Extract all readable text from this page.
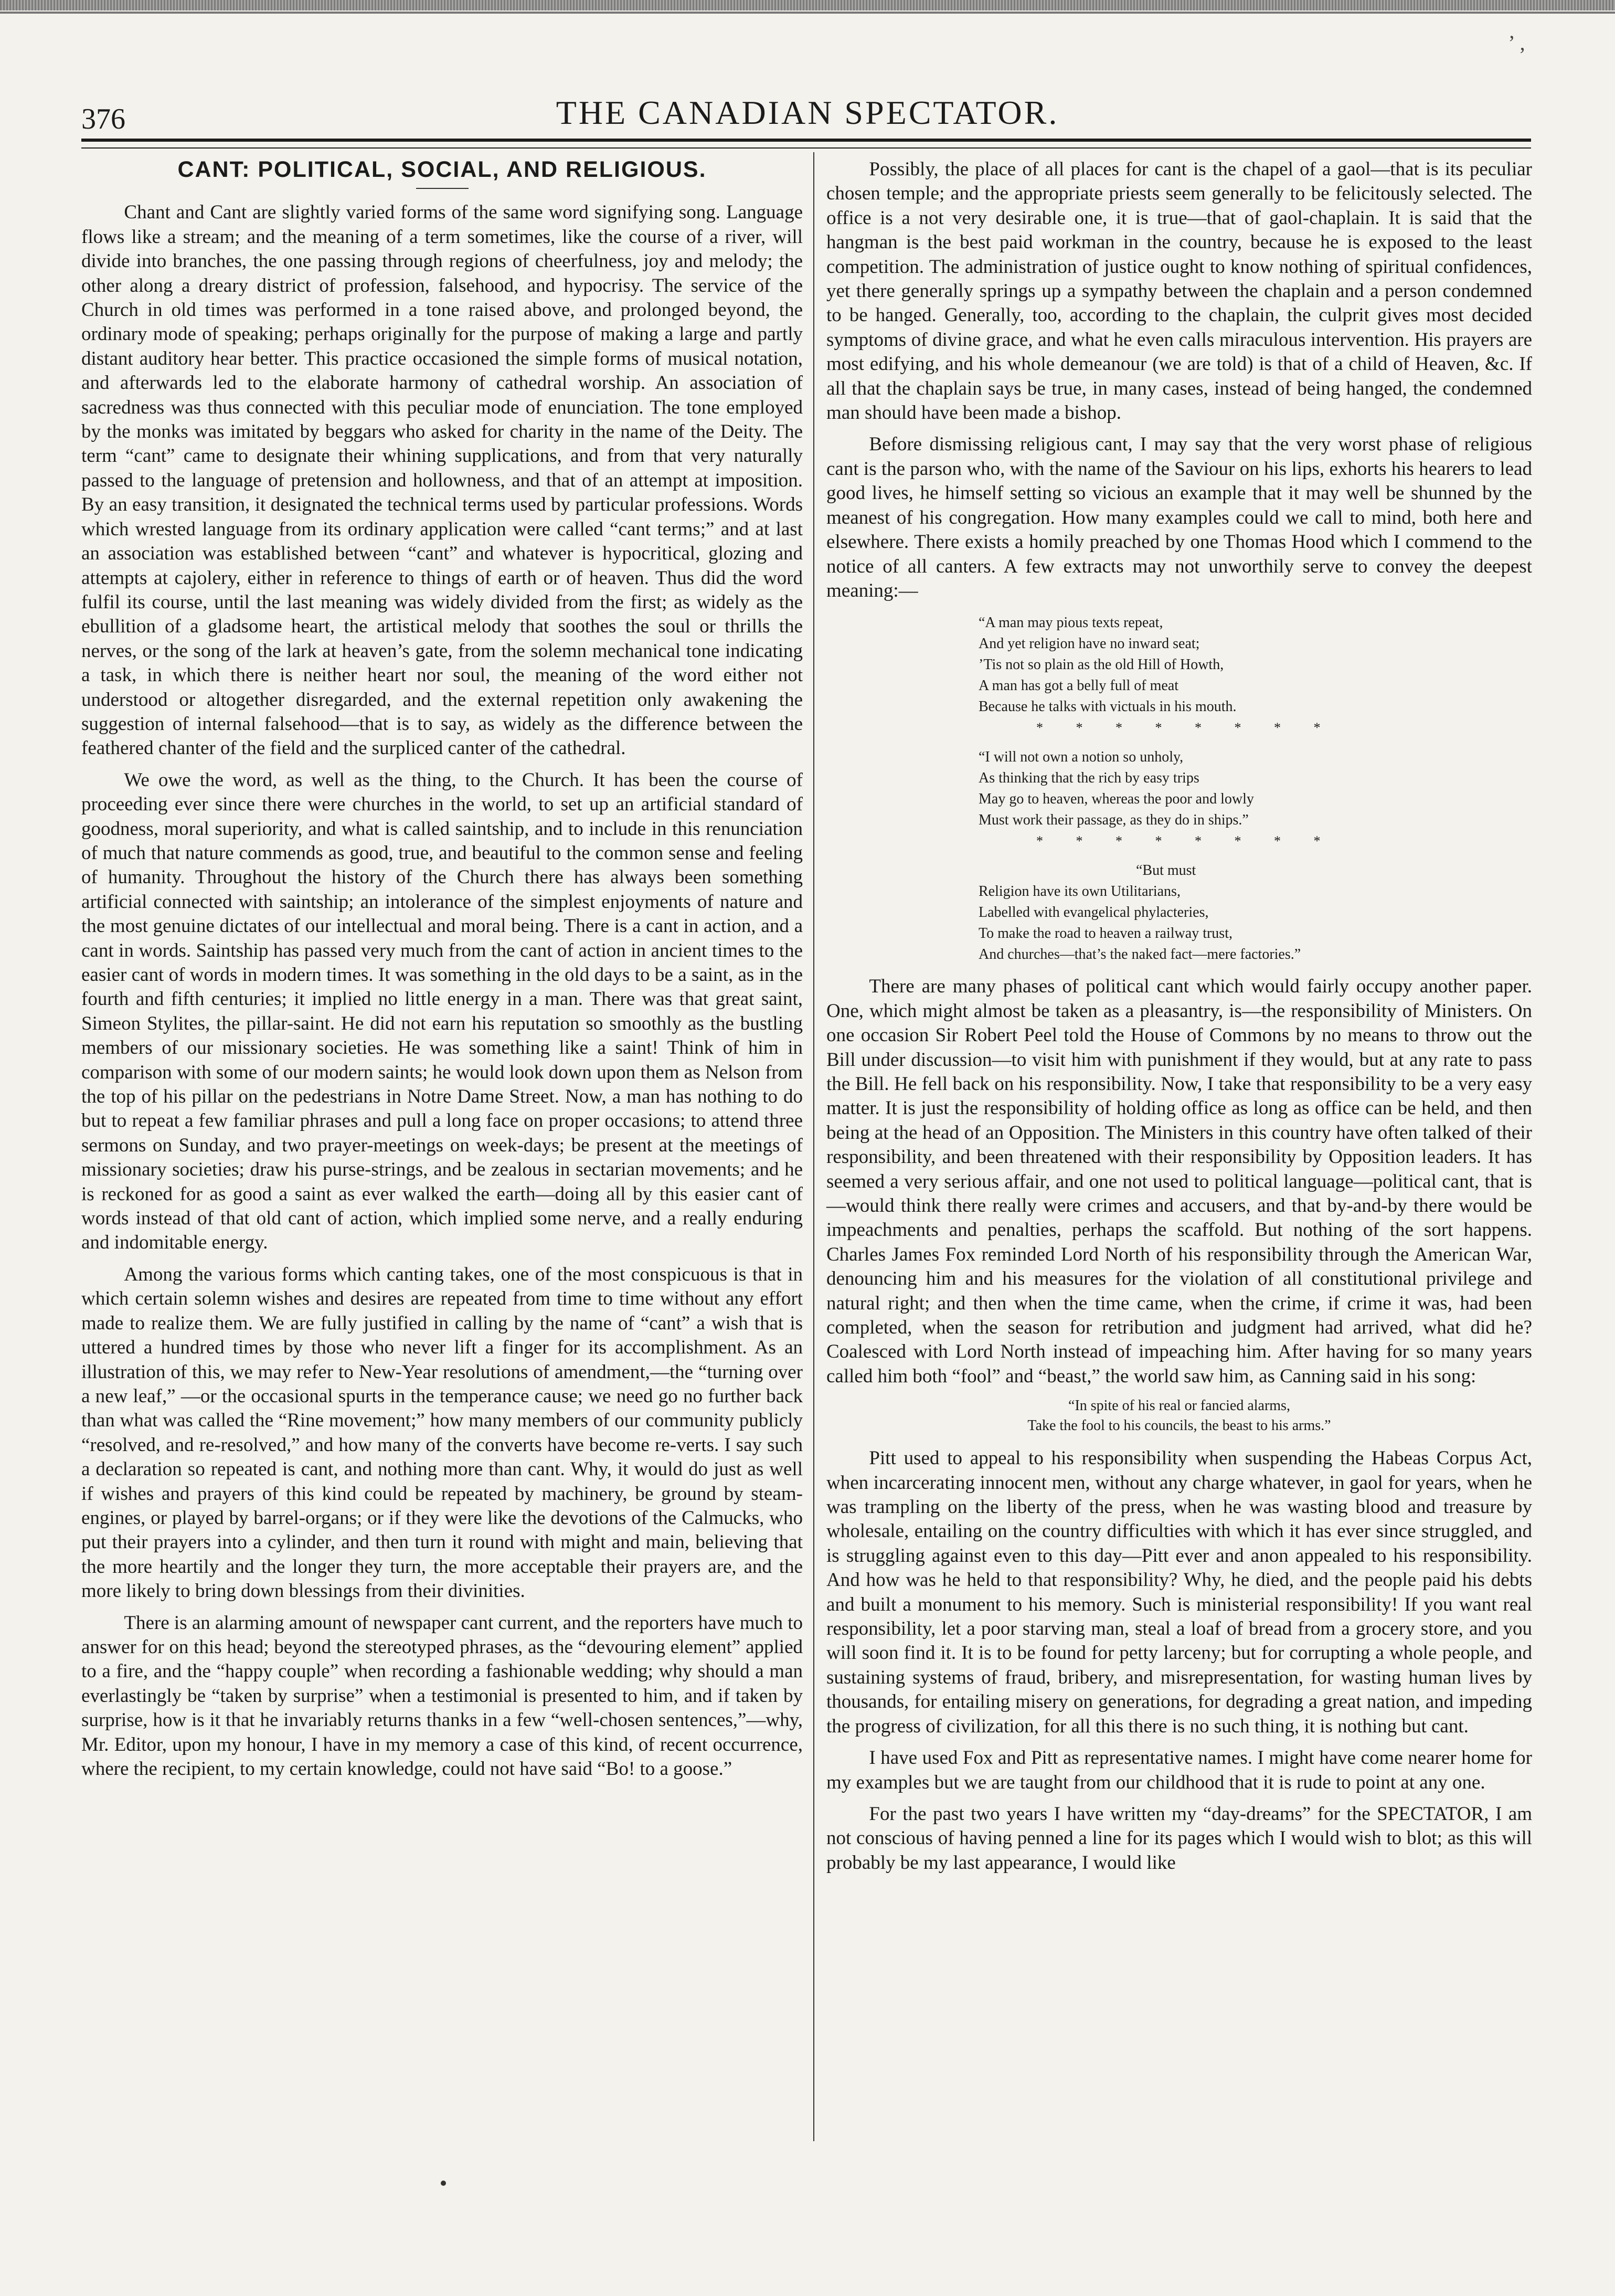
’ ‚
376	THE CANADIAN SPECTATOR.
CANT: POLITICAL, SOCIAL, AND RELIGIOUS.

Chant and Cant are slightly varied forms of the same word signifying song. Language flows like a stream; and the meaning of a term sometimes, like the course of a river, will divide into branches, the one passing through regions of cheerfulness, joy and melody; the other along a dreary district of profession, falsehood, and hypocrisy. The service of the Church in old times was performed in a tone raised above, and prolonged beyond, the ordinary mode of speaking; perhaps originally for the purpose of making a large and partly distant auditory hear better. This practice occasioned the simple forms of musical notation, and afterwards led to the elaborate harmony of cathedral worship. An association of sacredness was thus connected with this peculiar mode of enunciation. The tone employed by the monks was imitated by beggars who asked for charity in the name of the Deity. The term “cant” came to designate their whining supplications, and from that very naturally passed to the language of pretension and hollowness, and that of an attempt at imposition. By an easy transition, it designated the technical terms used by particular professions. Words which wrested language from its ordinary application were called “cant terms;” and at last an association was established between “cant” and whatever is hypocritical, glozing and attempts at cajolery, either in reference to things of earth or of heaven. Thus did the word fulfil its course, until the last meaning was widely divided from the first; as widely as the ebullition of a gladsome heart, the artistical melody that soothes the soul or thrills the nerves, or the song of the lark at heaven’s gate, from the solemn mechanical tone indicating a task, in which there is neither heart nor soul, the meaning of the word either not understood or altogether disregarded, and the external repetition only awakening the suggestion of internal falsehood—that is to say, as widely as the difference between the feathered chanter of the field and the surpliced canter of the cathedral.

We owe the word, as well as the thing, to the Church. It has been the course of proceeding ever since there were churches in the world, to set up an artificial standard of goodness, moral superiority, and what is called saintship, and to include in this renunciation of much that nature commends as good, true, and beautiful to the common sense and feeling of humanity. Throughout the history of the Church there has always been something artificial connected with saintship; an intolerance of the simplest enjoyments of nature and the most genuine dictates of our intellectual and moral being. There is a cant in action, and a cant in words. Saintship has passed very much from the cant of action in ancient times to the easier cant of words in modern times. It was something in the old days to be a saint, as in the fourth and fifth centuries; it implied no little energy in a man. There was that great saint, Simeon Stylites, the pillar-saint. He did not earn his reputation so smoothly as the bustling members of our missionary societies. He was something like a saint! Think of him in comparison with some of our modern saints; he would look down upon them as Nelson from the top of his pillar on the pedestrians in Notre Dame Street. Now, a man has nothing to do but to repeat a few familiar phrases and pull a long face on proper occasions; to attend three sermons on Sunday, and two prayer-meetings on week-days; be present at the meetings of missionary societies; draw his purse-strings, and be zealous in sectarian movements; and he is reckoned for as good a saint as ever walked the earth—doing all by this easier cant of words instead of that old cant of action, which implied some nerve, and a really enduring and indomitable energy.

Among the various forms which canting takes, one of the most conspicuous is that in which certain solemn wishes and desires are repeated from time to time without any effort made to realize them. We are fully justified in calling by the name of “cant” a wish that is uttered a hundred times by those who never lift a finger for its accomplishment. As an illustration of this, we may refer to New-Year resolutions of amendment,—the “turning over a new leaf,” —or the occasional spurts in the temperance cause; we need go no further back than what was called the “Rine movement;” how many members of our community publicly “resolved, and re-resolved,” and how many of the converts have become re-verts. I say such a declaration so repeated is cant, and nothing more than cant. Why, it would do just as well if wishes and prayers of this kind could be repeated by machinery, be ground by steam-engines, or played by barrel-organs; or if they were like the devotions of the Calmucks, who put their prayers into a cylinder, and then turn it round with might and main, believing that the more heartily and the longer they turn, the more acceptable their prayers are, and the more likely to bring down blessings from their divinities.

There is an alarming amount of newspaper cant current, and the reporters have much to answer for on this head; beyond the stereotyped phrases, as the “devouring element” applied to a fire, and the “happy couple” when recording a fashionable wedding; why should a man everlastingly be “taken by surprise” when a testimonial is presented to him, and if taken by surprise, how is it that he invariably returns thanks in a few “well-chosen sentences,”—why, Mr. Editor, upon my honour, I have in my memory a case of this kind, of recent occurrence, where the recipient, to my certain knowledge, could not have said “Bo! to a goose.”

Possibly, the place of all places for cant is the chapel of a gaol—that is its peculiar chosen temple; and the appropriate priests seem generally to be felicitously selected. The office is a not very desirable one, it is true—that of gaol-chaplain. It is said that the hangman is the best paid workman in the country, because he is exposed to the least competition. The administration of justice ought to know nothing of spiritual confidences, yet there generally springs up a sympathy between the chaplain and a person condemned to be hanged. Generally, too, according to the chaplain, the culprit gives most decided symptoms of divine grace, and what he even calls miraculous intervention. His prayers are most edifying, and his whole demeanour (we are told) is that of a child of Heaven, &c. If all that the chaplain says be true, in many cases, instead of being hanged, the condemned man should have been made a bishop.

Before dismissing religious cant, I may say that the very worst phase of religious cant is the parson who, with the name of the Saviour on his lips, exhorts his hearers to lead good lives, he himself setting so vicious an example that it may well be shunned by the meanest of his congregation. How many examples could we call to mind, both here and elsewhere. There exists a homily preached by one Thomas Hood which I commend to the notice of all canters. A few extracts may not unworthily serve to convey the deepest meaning:—

“A man may pious texts repeat,
And yet religion have no inward seat;
’Tis not so plain as the old Hill of Howth,
A man has got a belly full of meat
Because he talks with victuals in his mouth.
* * * * * * * *
“I will not own a notion so unholy,
As thinking that the rich by easy trips
May go to heaven, whereas the poor and lowly
Must work their passage, as they do in ships.”
* * * * * * * *
“But must
Religion have its own Utilitarians,
Labelled with evangelical phylacteries,
To make the road to heaven a railway trust,
And churches—that’s the naked fact—mere factories.”

There are many phases of political cant which would fairly occupy another paper. One, which might almost be taken as a pleasantry, is—the responsibility of Ministers. On one occasion Sir Robert Peel told the House of Commons by no means to throw out the Bill under discussion—to visit him with punishment if they would, but at any rate to pass the Bill. He fell back on his responsibility. Now, I take that responsibility to be a very easy matter. It is just the responsibility of holding office as long as office can be held, and then being at the head of an Opposition. The Ministers in this country have often talked of their responsibility, and been threatened with their responsibility by Opposition leaders. It has seemed a very serious affair, and one not used to political language—political cant, that is—would think there really were crimes and accusers, and that by-and-by there would be impeachments and penalties, perhaps the scaffold. But nothing of the sort happens. Charles James Fox reminded Lord North of his responsibility through the American War, denouncing him and his measures for the violation of all constitutional privilege and natural right; and then when the time came, when the crime, if crime it was, had been completed, when the season for retribution and judgment had arrived, what did he? Coalesced with Lord North instead of impeaching him. After having for so many years called him both “fool” and “beast,” the world saw him, as Canning said in his song:

“In spite of his real or fancied alarms,
Take the fool to his councils, the beast to his arms.”

Pitt used to appeal to his responsibility when suspending the Habeas Corpus Act, when incarcerating innocent men, without any charge whatever, in gaol for years, when he was trampling on the liberty of the press, when he was wasting blood and treasure by wholesale, entailing on the country difficulties with which it has ever since struggled, and is struggling against even to this day—Pitt ever and anon appealed to his responsibility. And how was he held to that responsibility? Why, he died, and the people paid his debts and built a monument to his memory. Such is ministerial responsibility! If you want real responsibility, let a poor starving man, steal a loaf of bread from a grocery store, and you will soon find it. It is to be found for petty larceny; but for corrupting a whole people, and sustaining systems of fraud, bribery, and misrepresentation, for wasting human lives by thousands, for entailing misery on generations, for degrading a great nation, and impeding the progress of civilization, for all this there is no such thing, it is nothing but cant.

I have used Fox and Pitt as representative names. I might have come nearer home for my examples but we are taught from our childhood that it is rude to point at any one.

For the past two years I have written my “day-dreams” for the SPECTATOR, I am not conscious of having penned a line for its pages which I would wish to blot; as this will probably be my last appearance, I would like
